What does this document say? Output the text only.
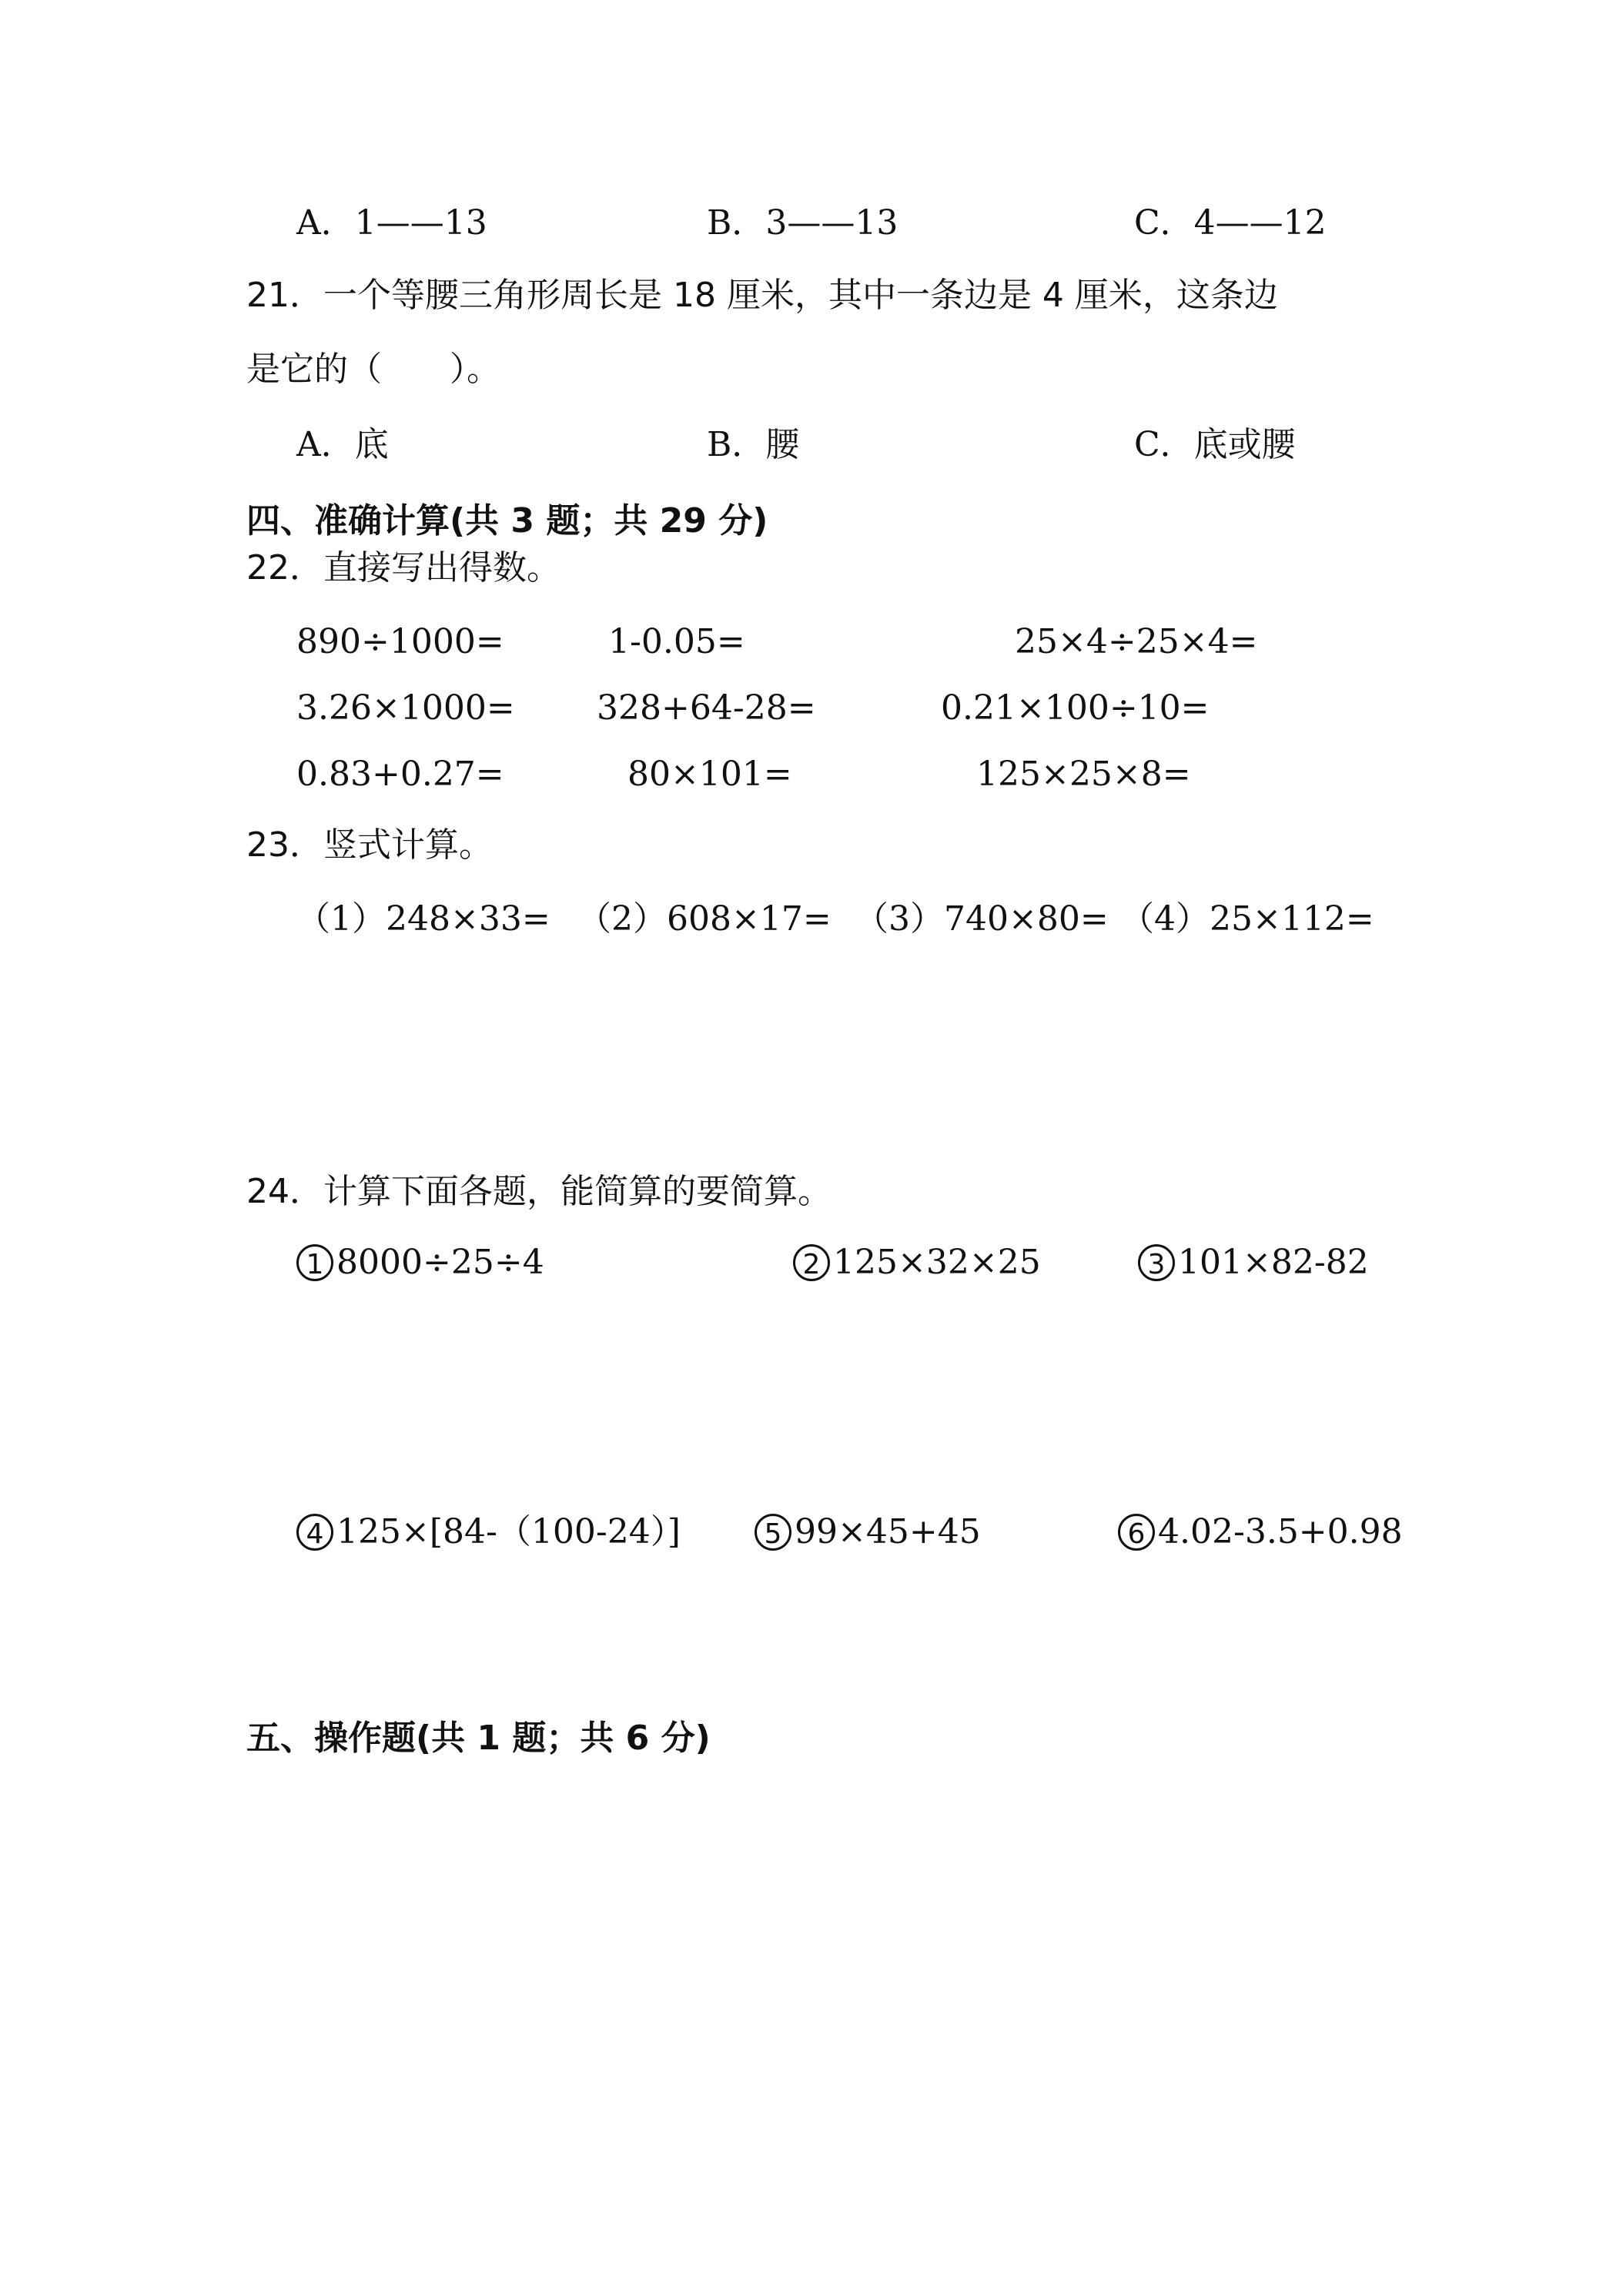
A．1——13	B．3——13	C．4——12
21．一个等腰三角形周长是 18 厘米，其中一条边是 4 厘米，这条边
是它的（　　）。
A．底	B．腰	C．底或腰
四、准确计算(共 3 题；共 29 分)
22．直接写出得数。
890÷1000=	1-0.05=	25×4÷25×4=
3.26×1000= 328+64-28=	0.21×100÷10=
0.83+0.27=	80×101=	125×25×8=
23．竖式计算。
（1）248×33= （2）608×17= （3）740×80= （4）25×112=
24．计算下面各题，能简算的要简算。
1 8000÷25÷4	2 125×32×25	3 101×82-82
4 125×[84-（100-24）]	5 99×45+45	6 4.02-3.5+0.98
五、操作题(共 1 题；共 6 分)
